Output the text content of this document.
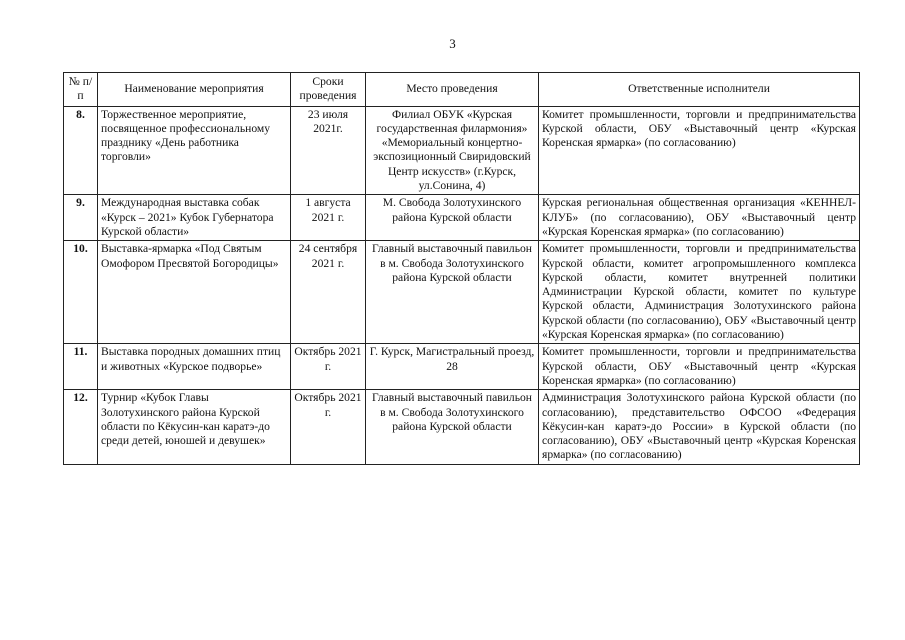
3
№ п/п	Наименование мероприятия	Сроки проведения	Место проведения	Ответственные исполнители
8.	Торжественное мероприятие, посвященное профессиональному празднику «День работника торговли»	23 июля 2021г.	Филиал ОБУК «Курская государственная филармония» «Мемориальный концертно-экспозиционный Свиридовский Центр искусств» (г.Курск, ул.Сонина, 4)	Комитет промышленности, торговли и предпринимательства Курской области, ОБУ «Выставочный центр «Курская Коренская ярмарка» (по согласованию)
9.	Международная выставка собак «Курск – 2021» Кубок Губернатора Курской области»	1 августа 2021 г.	М. Свобода Золотухинского района Курской области	Курская региональная общественная организация «КЕННЕЛ-КЛУБ» (по согласованию), ОБУ «Выставочный центр «Курская Коренская ярмарка» (по согласованию)
10.	Выставка-ярмарка «Под Святым Омофором Пресвятой Богородицы»	24 сентября 2021 г.	Главный выставочный павильон в м. Свобода Золотухинского района Курской области	Комитет промышленности, торговли и предпринимательства Курской области, комитет агропромышленного комплекса Курской области, комитет внутренней политики Администрации Курской области, комитет по культуре Курской области, Администрация Золотухинского района Курской области (по согласованию), ОБУ «Выставочный центр «Курская Коренская ярмарка» (по согласованию)
11.	Выставка породных домашних птиц и животных «Курское подворье»	Октябрь 2021 г.	Г. Курск, Магистральный проезд, 28	Комитет промышленности, торговли и предпринимательства Курской области, ОБУ «Выставочный центр «Курская Коренская ярмарка» (по согласованию)
12.	Турнир «Кубок Главы Золотухинского района Курской области по Кёкусин-кан каратэ-до среди детей, юношей и девушек»	Октябрь 2021 г.	Главный выставочный павильон в м. Свобода Золотухинского района Курской области	Администрация Золотухинского района Курской области (по согласованию), представительство ОФСОО «Федерация Кёкусин-кан каратэ-до России» в Курской области (по согласованию), ОБУ «Выставочный центр «Курская Коренская ярмарка» (по согласованию)
